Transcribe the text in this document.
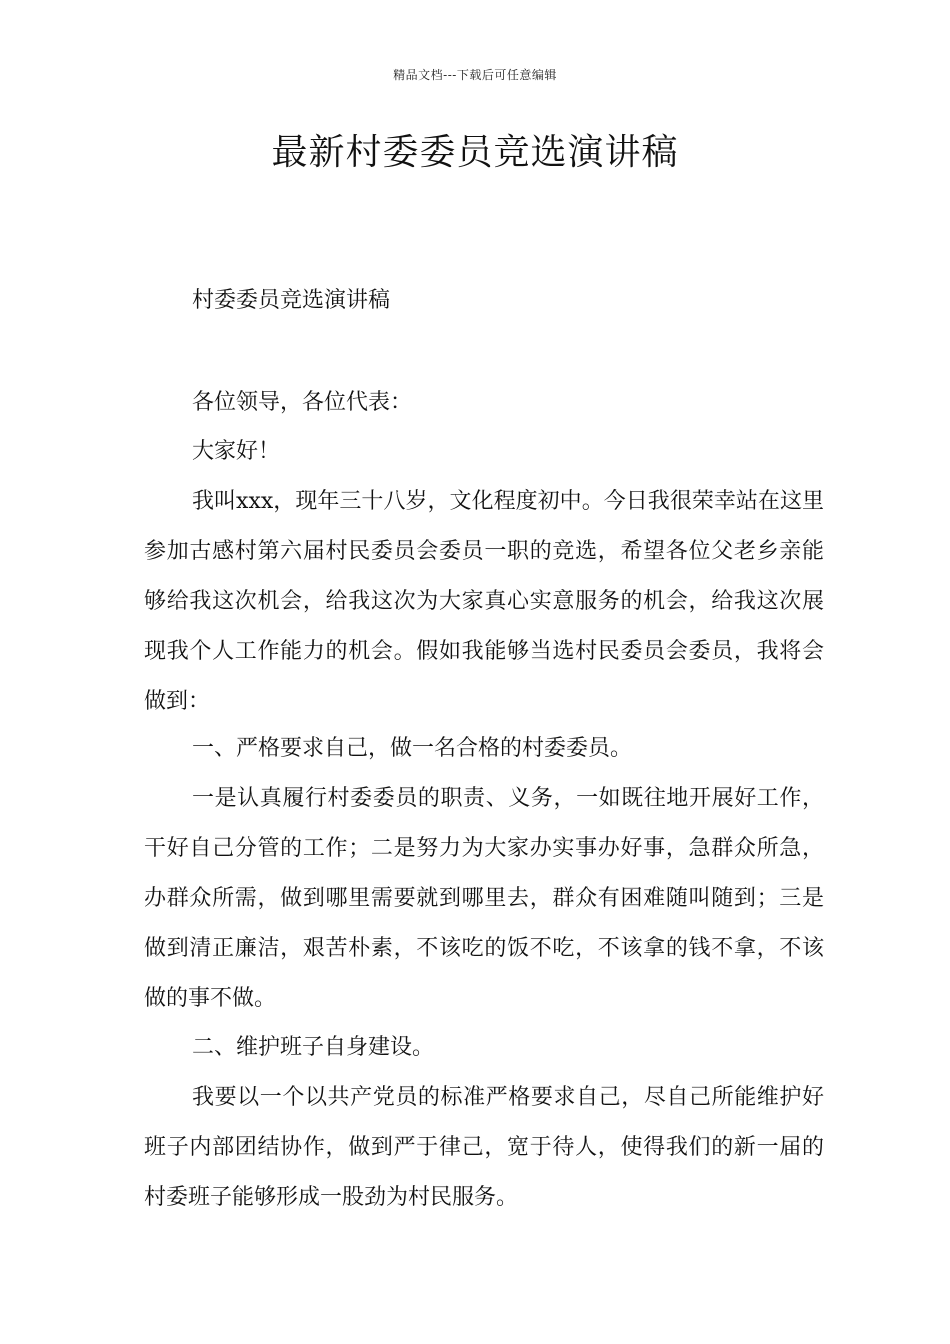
精品文档---下载后可任意编辑
最新村委委员竞选演讲稿

村委委员竞选演讲稿

各位领导，各位代表：

大家好！

我叫xxx，现年三十八岁，文化程度初中。今日我很荣幸站在这里参加古感村第六届村民委员会委员一职的竞选，希望各位父老乡亲能够给我这次机会，给我这次为大家真心实意服务的机会，给我这次展现我个人工作能力的机会。假如我能够当选村民委员会委员，我将会做到：

一、严格要求自己，做一名合格的村委委员。

一是认真履行村委委员的职责、义务，一如既往地开展好工作，干好自己分管的工作；二是努力为大家办实事办好事，急群众所急，办群众所需，做到哪里需要就到哪里去，群众有困难随叫随到；三是做到清正廉洁，艰苦朴素，不该吃的饭不吃，不该拿的钱不拿，不该做的事不做。

二、维护班子自身建设。

我要以一个以共产党员的标准严格要求自己，尽自己所能维护好班子内部团结协作，做到严于律己，宽于待人，使得我们的新一届的村委班子能够形成一股劲为村民服务。
